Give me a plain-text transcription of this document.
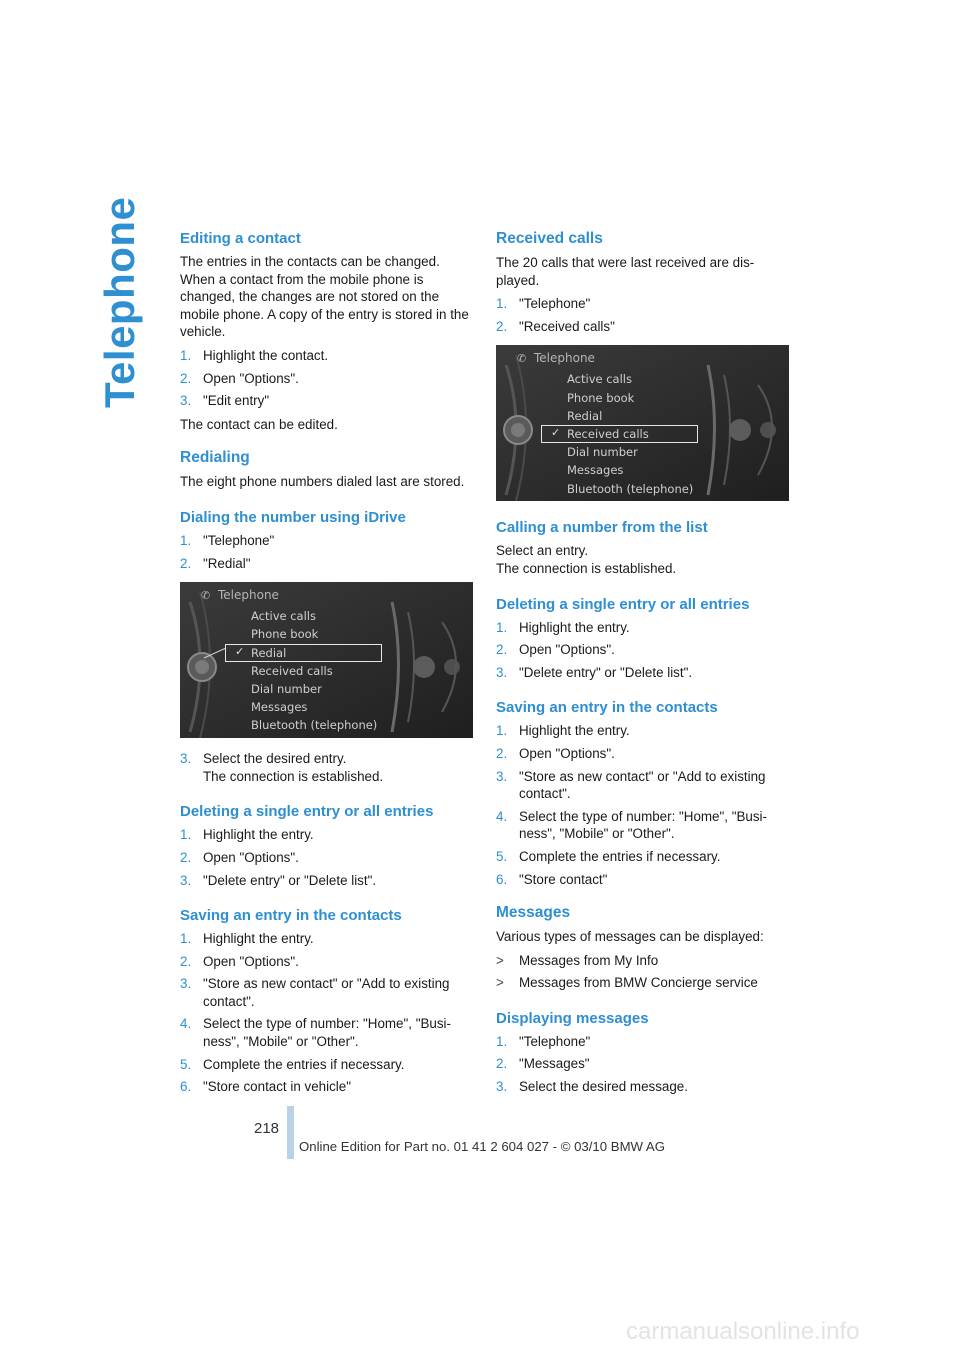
Telephone Editing a contact

The entries in the contacts can be changed. When a contact from the mobile phone is changed, the changes are not stored on the mobile phone. A copy of the entry is stored in the vehicle.

1. Highlight the contact.
2. Open "Options".
3. "Edit entry"

The contact can be edited.

Redialing

The eight phone numbers dialed last are stored.

Dialing the number using iDrive
1. "Telephone"
2. "Redial"
✆ Telephone
✓
Active calls
Phone book
Redial
Received calls
Dial number
Messages
Bluetooth (telephone)
3. Select the desired entry.
The connection is established.
Deleting a single entry or all entries
1. Highlight the entry.
2. Open "Options".
3. "Delete entry" or "Delete list".
Saving an entry in the contacts
1. Highlight the entry.
2. Open "Options".
3. "Store as new contact" or "Add to existing contact".
4. Select the type of number: "Home", "Busi-ness", "Mobile" or "Other".
5. Complete the entries if necessary.
6. "Store contact in vehicle"
Received calls

The 20 calls that were last received are dis-played.

1. "Telephone"
2. "Received calls"
✆ Telephone
✓
Active calls
Phone book
Redial
Received calls
Dial number
Messages
Bluetooth (telephone)
Calling a number from the list

Select an entry.
The connection is established.

Deleting a single entry or all entries
1. Highlight the entry.
2. Open "Options".
3. "Delete entry" or "Delete list".
Saving an entry in the contacts
1. Highlight the entry.
2. Open "Options".
3. "Store as new contact" or "Add to existing contact".
4. Select the type of number: "Home", "Busi-ness", "Mobile" or "Other".
5. Complete the entries if necessary.
6. "Store contact"
Messages

Various types of messages can be displayed:

>	Messages from My Info
>	Messages from BMW Concierge service
Displaying messages
1. "Telephone"
2. "Messages"
3. Select the desired message.
218
Online Edition for Part no. 01 41 2 604 027 - © 03/10 BMW AG
carmanualsonline.info
